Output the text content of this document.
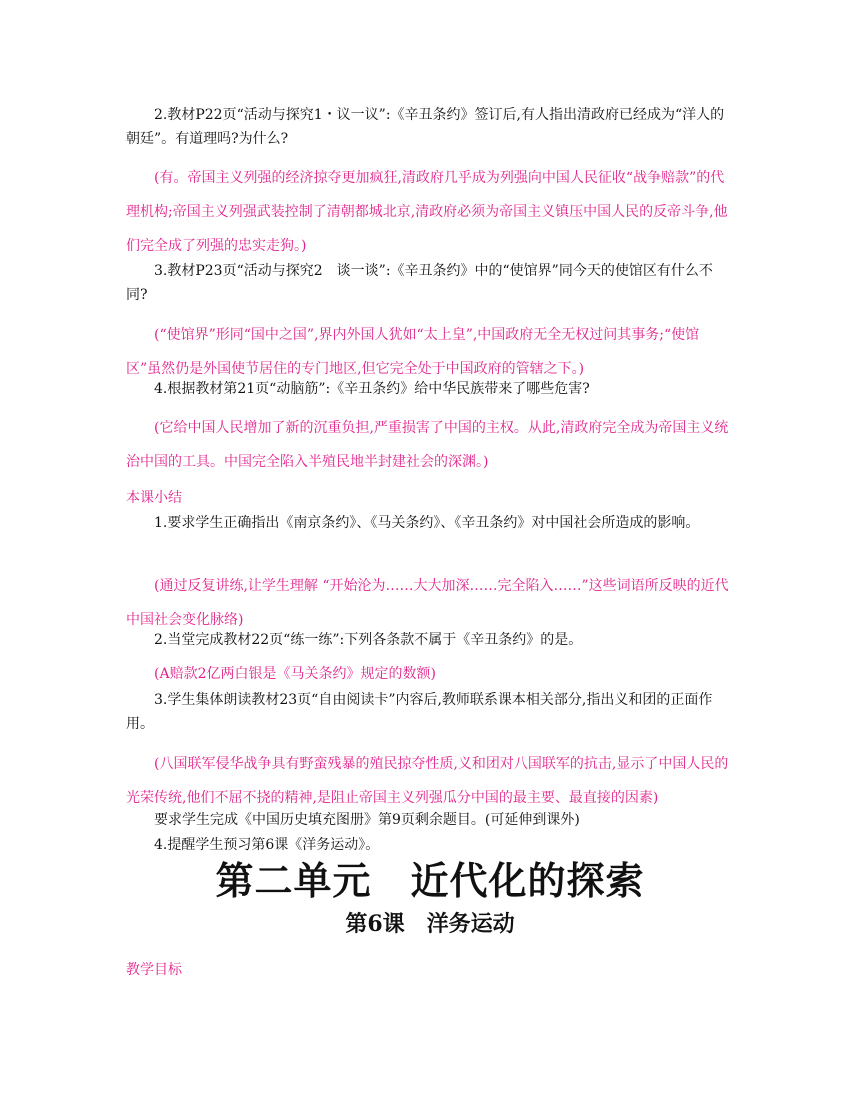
2.教材P22页“活动与探究1・议一议”:《辛丑条约》签订后,有人指出清政府已经成为“洋人的朝廷”。有道理吗?为什么?

(有。帝国主义列强的经济掠夺更加疯狂,清政府几乎成为列强向中国人民征收“战争赔款”的代理机构;帝国主义列强武装控制了清朝都城北京,清政府必须为帝国主义镇压中国人民的反帝斗争,他们完全成了列强的忠实走狗。)

3.教材P23页“活动与探究2　谈一谈”:《辛丑条约》中的“使馆界”同今天的使馆区有什么不同?

(“使馆界”形同“国中之国”,界内外国人犹如“太上皇”,中国政府无全无权过问其事务;“使馆区”虽然仍是外国使节居住的专门地区,但它完全处于中国政府的管辖之下。)

4.根据教材第21页“动脑筋”:《辛丑条约》给中华民族带来了哪些危害?

(它给中国人民增加了新的沉重负担,严重损害了中国的主权。从此,清政府完全成为帝国主义统治中国的工具。中国完全陷入半殖民地半封建社会的深渊。)

本课小结

1.要求学生正确指出《南京条约》、《马关条约》、《辛丑条约》对中国社会所造成的影响。

(通过反复讲练,让学生理解 “开始沦为……大大加深……完全陷入……”这些词语所反映的近代中国社会变化脉络)

2.当堂完成教材22页“练一练”:下列各条款不属于《辛丑条约》的是。

(A赔款2亿两白银是《马关条约》规定的数额)

3.学生集体朗读教材23页“自由阅读卡”内容后,教师联系课本相关部分,指出义和团的正面作用。

(八国联军侵华战争具有野蛮残暴的殖民掠夺性质,义和团对八国联军的抗击,显示了中国人民的光荣传统,他们不屈不挠的精神,是阻止帝国主义列强瓜分中国的最主要、最直接的因素)

要求学生完成《中国历史填充图册》第9页剩余题目。(可延伸到课外)

4.提醒学生预习第6课《洋务运动》。

第二单元　近代化的探索
第6课　洋务运动

教学目标
